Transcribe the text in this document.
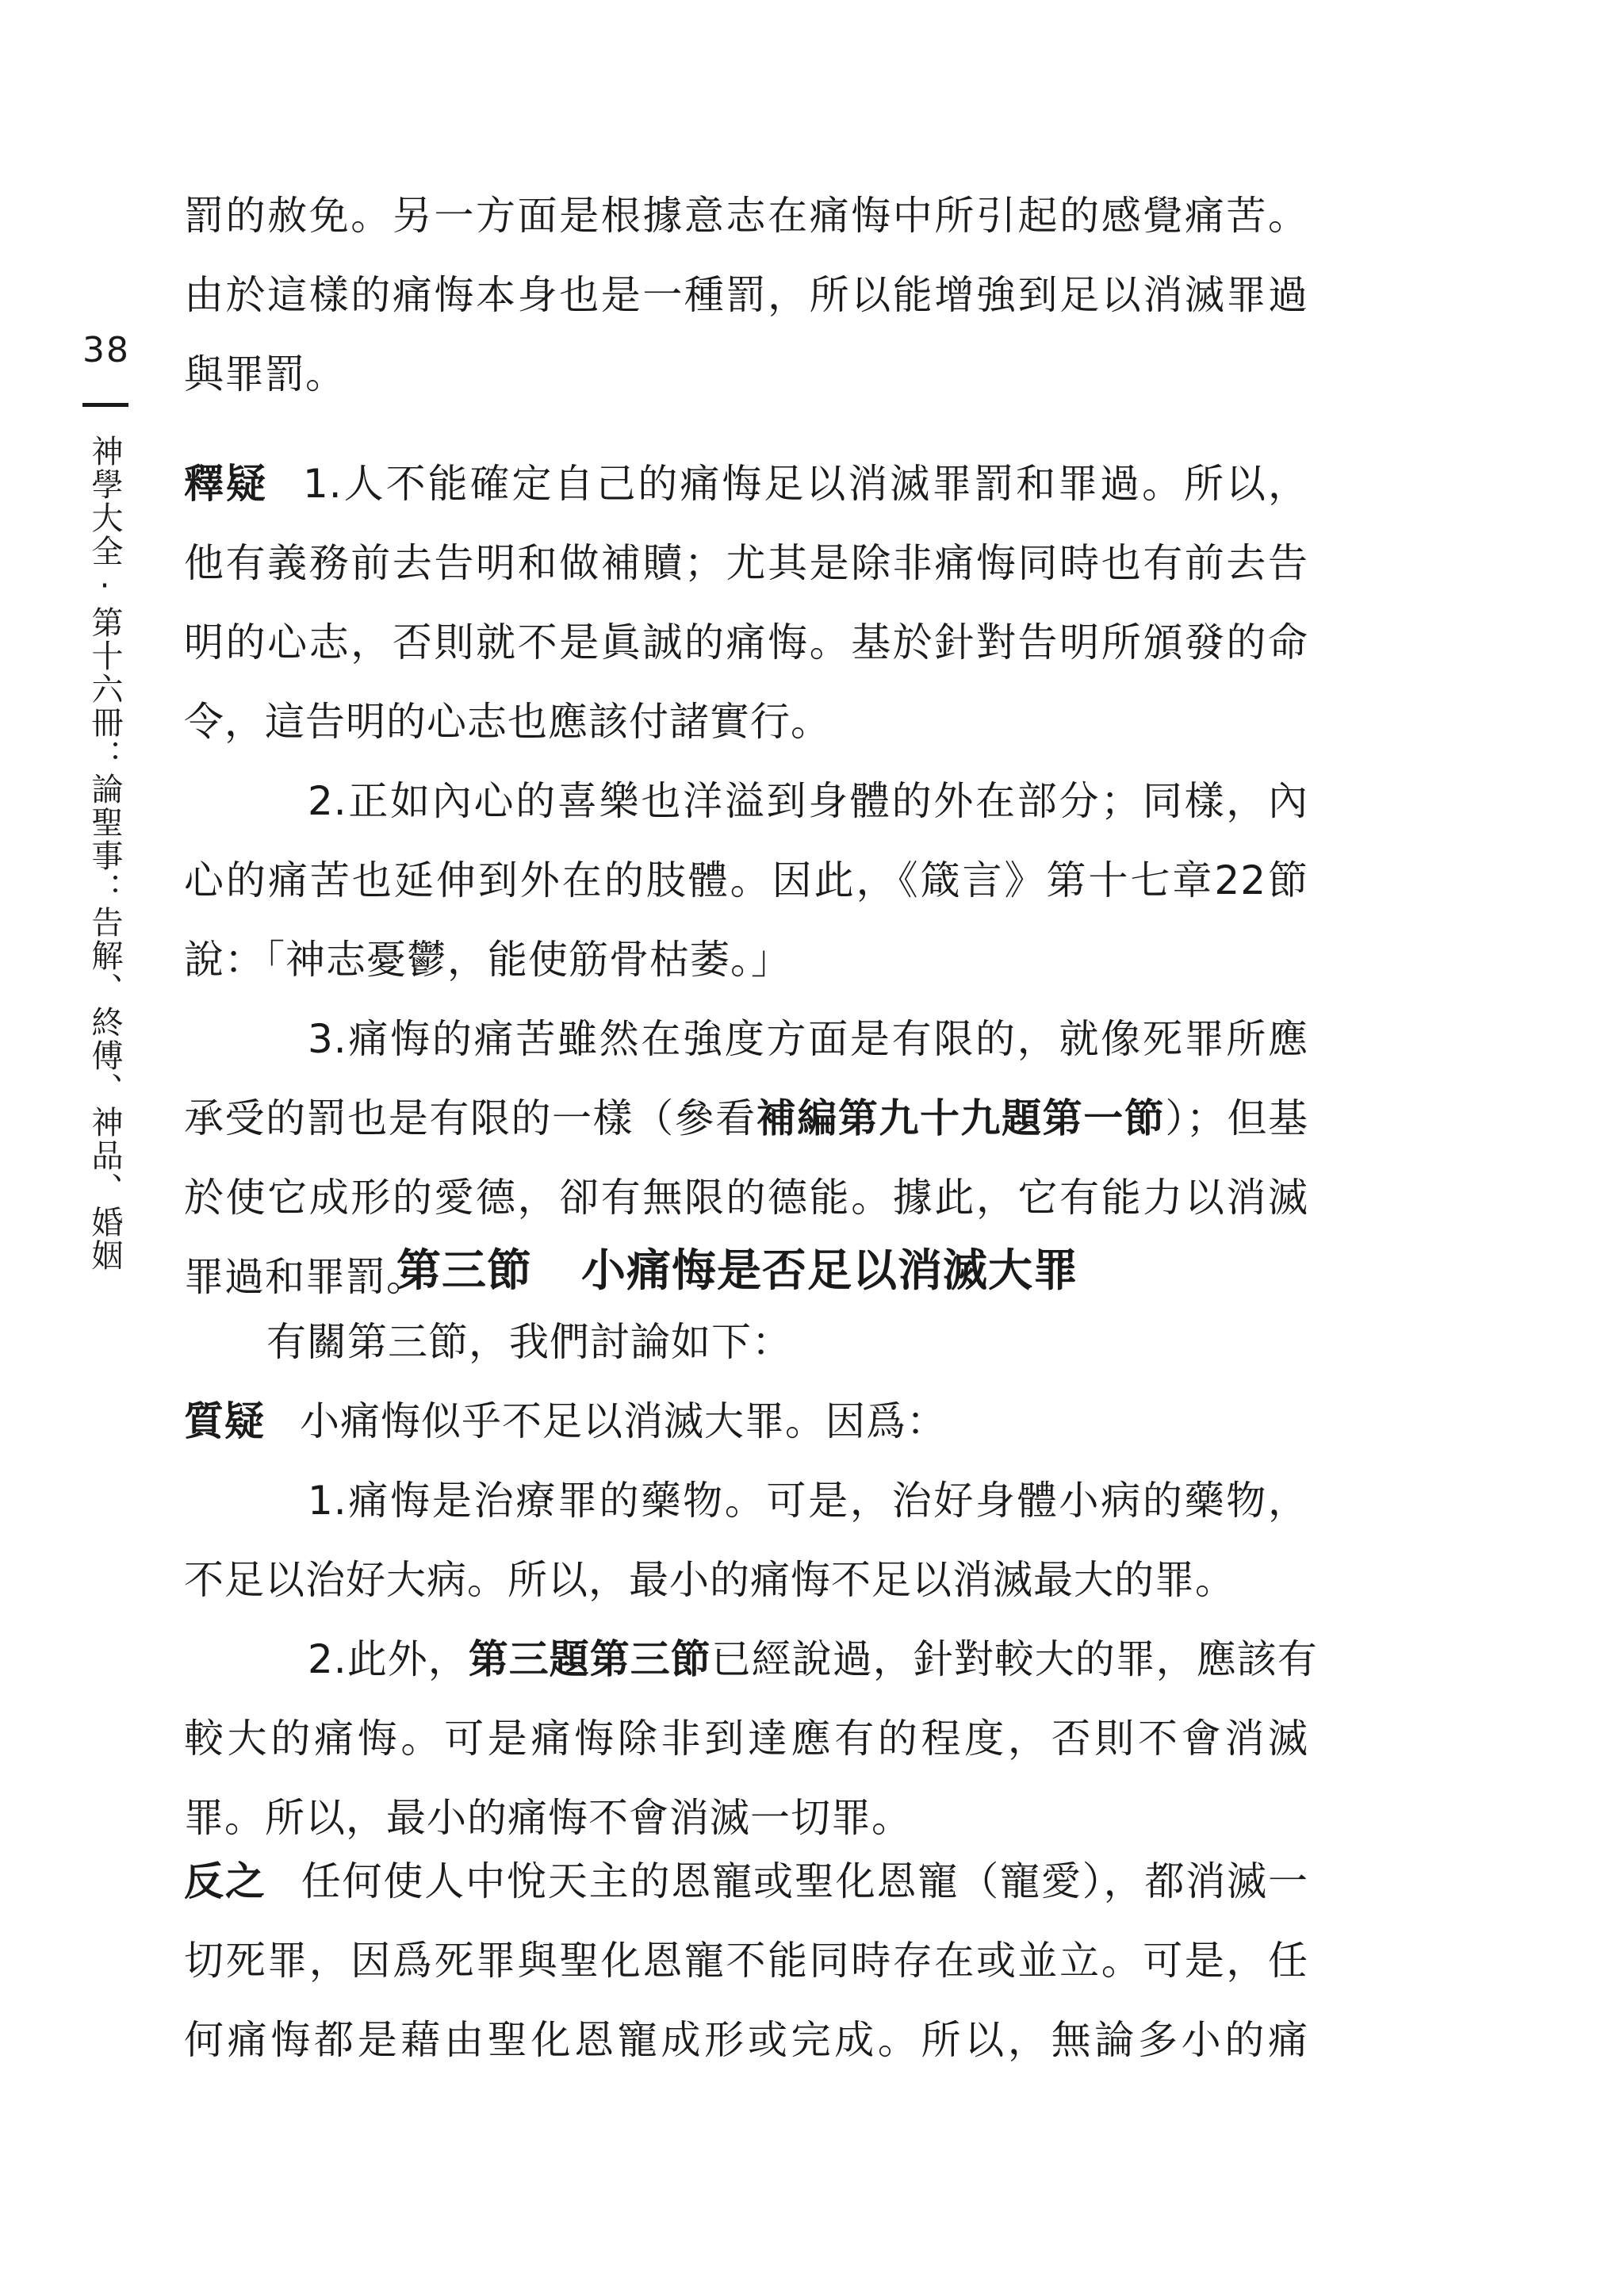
38
神學大全·第十六冊：論聖事：告解、終傅、神品、婚姻
罰的赦免。另一方面是根據意志在痛悔中所引起的感覺痛苦。
由於這樣的痛悔本身也是一種罰，所以能增強到足以消滅罪過
與罪罰。
釋疑 1.人不能確定自己的痛悔足以消滅罪罰和罪過。所以，
他有義務前去告明和做補贖；尤其是除非痛悔同時也有前去告
明的心志，否則就不是眞誠的痛悔。基於針對告明所頒發的命
令，這告明的心志也應該付諸實行。
2.正如內心的喜樂也洋溢到身體的外在部分；同樣，內
心的痛苦也延伸到外在的肢體。因此，《箴言》第十七章22節
說：「神志憂鬱，能使筋骨枯萎。」
3.痛悔的痛苦雖然在強度方面是有限的，就像死罪所應
承受的罰也是有限的一樣（參看補編第九十九題第一節）；但基
於使它成形的愛德，卻有無限的德能。據此，它有能力以消滅
罪過和罪罰。
第三節 小痛悔是否足以消滅大罪
有關第三節，我們討論如下：
質疑 小痛悔似乎不足以消滅大罪。因爲：
1.痛悔是治療罪的藥物。可是，治好身體小病的藥物，
不足以治好大病。所以，最小的痛悔不足以消滅最大的罪。
2.此外，第三題第三節已經說過，針對較大的罪，應該有
較大的痛悔。可是痛悔除非到達應有的程度，否則不會消滅
罪。所以，最小的痛悔不會消滅一切罪。
反之 任何使人中悅天主的恩寵或聖化恩寵（寵愛），都消滅一
切死罪，因爲死罪與聖化恩寵不能同時存在或並立。可是，任
何痛悔都是藉由聖化恩寵成形或完成。所以，無論多小的痛
